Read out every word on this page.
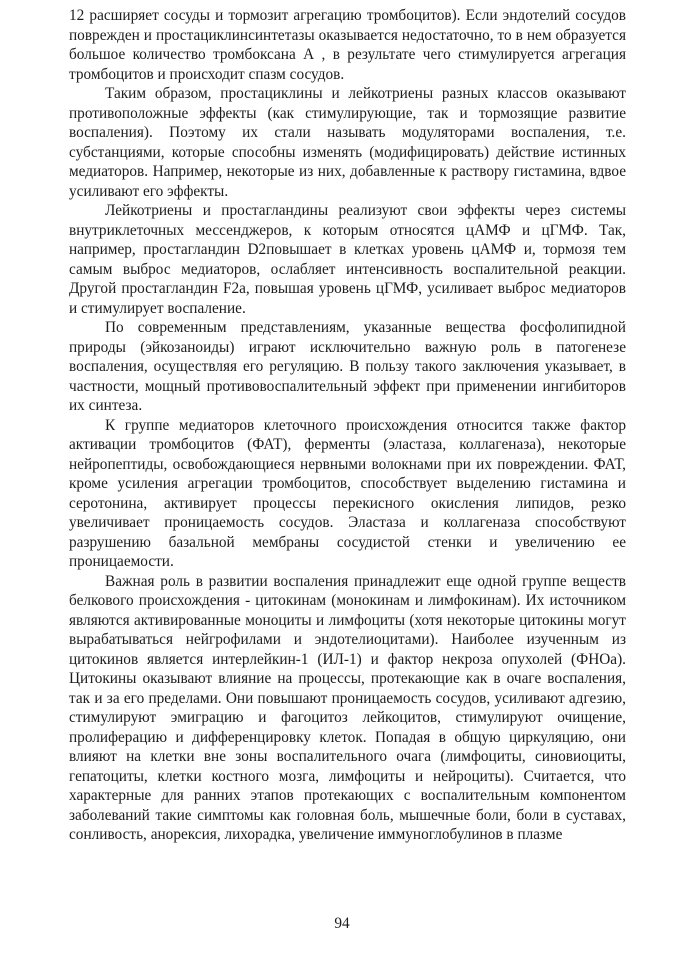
12 расширяет сосуды и тормозит агрегацию тромбоцитов). Если эндотелий сосудов поврежден и простациклинсинтетазы оказывается недостаточно, то в нем образуется большое количество тромбоксана А , в результате чего стимулируется агрегация тромбоцитов и происходит спазм сосудов.

Таким образом, простациклины и лейкотриены разных классов оказывают противоположные эффекты (как стимулирующие, так и тормозящие развитие воспаления). Поэтому их стали называть модуляторами воспаления, т.е. субстанциями, которые способны изменять (модифицировать) действие истинных медиаторов. Например, некоторые из них, добавленные к раствору гистамина, вдвое усиливают его эффекты.

Лейкотриены и простагландины реализуют свои эффекты через системы внутриклеточных мессенджеров, к которым относятся цАМФ и цГМФ. Так, например, простагландин D2повышает в клетках уровень цАМФ и, тормозя тем самым выброс медиаторов, ослабляет интенсивность воспалительной реакции. Другой простагландин F2a, повышая уровень цГМФ, усиливает выброс медиаторов и стимулирует воспаление.

По современным представлениям, указанные вещества фосфолипидной природы (эйкозаноиды) играют исключительно важную роль в патогенезе воспаления, осуществляя его регуляцию. В пользу такого заключения указывает, в частности, мощный противовоспалительный эффект при применении ингибиторов их синтеза.

К группе медиаторов клеточного происхождения относится также фактор активации тромбоцитов (ФАТ), ферменты (эластаза, коллагеназа), некоторые нейропептиды, освобождающиеся нервными волокнами при их повреждении. ФАТ, кроме усиления агрегации тромбоцитов, способствует выделению гистамина и серотонина, активирует процессы перекисного окисления липидов, резко увеличивает проницаемость сосудов. Эластаза и коллагеназа способствуют разрушению базальной мембраны сосудистой стенки и увеличению ее проницаемости.

Важная роль в развитии воспаления принадлежит еще одной группе веществ белкового происхождения - цитокинам (монокинам и лимфокинам). Их источником являются активированные моноциты и лимфоциты (хотя некоторые цитокины могут вырабатываться нейгрофилами и эндотелиоцитами). Наиболее изученным из цитокинов является интерлейкин-1 (ИЛ-1) и фактор некроза опухолей (ФНОа). Цитокины оказывают влияние на процессы, протекающие как в очаге воспаления, так и за его пределами. Они повышают проницаемость сосудов, усиливают адгезию, стимулируют эмиграцию и фагоцитоз лейкоцитов, стимулируют очищение, пролиферацию и дифференцировку клеток. Попадая в общую циркуляцию, они влияют на клетки вне зоны воспалительного очага (лимфоциты, синовиоциты, гепатоциты, клетки костного мозга, лимфоциты и нейроциты). Считается, что характерные для ранних этапов протекающих с воспалительным компонентом заболеваний такие симптомы как головная боль, мышечные боли, боли в суставах, сонливость, анорексия, лихорадка, увеличение иммуноглобулинов в плазме

94
